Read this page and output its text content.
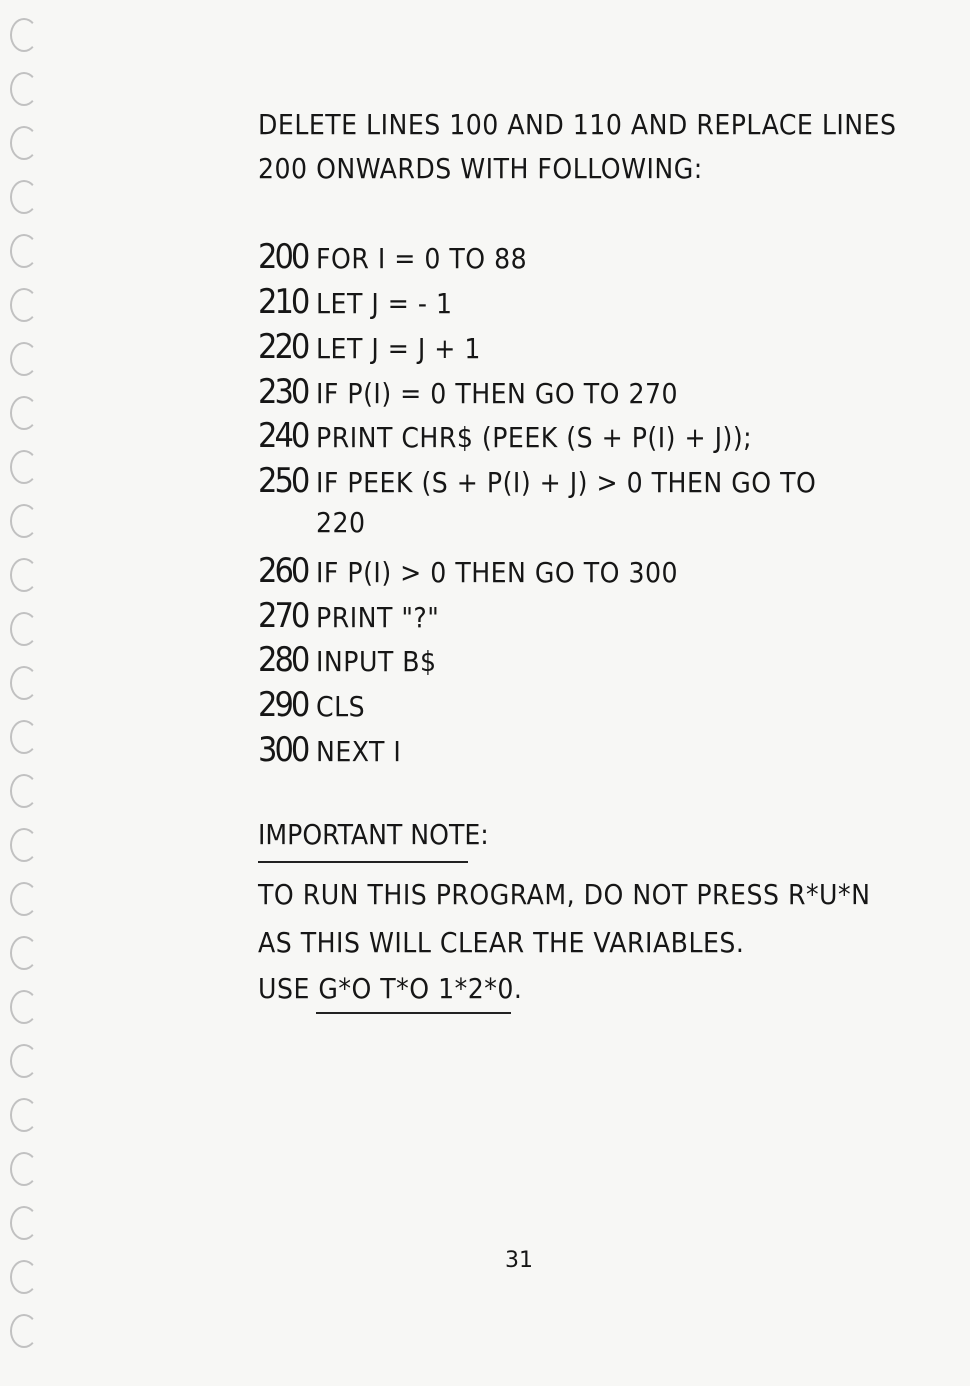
DELETE LINES 100 AND 110 AND REPLACE LINES
200 ONWARDS WITH FOLLOWING:
200 FOR I = 0 TO 88
210 LET J = - 1
220 LET J = J + 1
230 IF P(I) = 0 THEN GO TO 270
240 PRINT CHR$ (PEEK (S + P(I) + J));
250 IF PEEK (S + P(I) + J) > 0 THEN GO TO
220
260 IF P(I) > 0 THEN GO TO 300
270 PRINT "?"
280 INPUT B$
290 CLS
300 NEXT I
IMPORTANT NOTE:
TO RUN THIS PROGRAM, DO NOT PRESS R*U*N
AS THIS WILL CLEAR THE VARIABLES.
USE G*O T*O 1*2*0.
31
